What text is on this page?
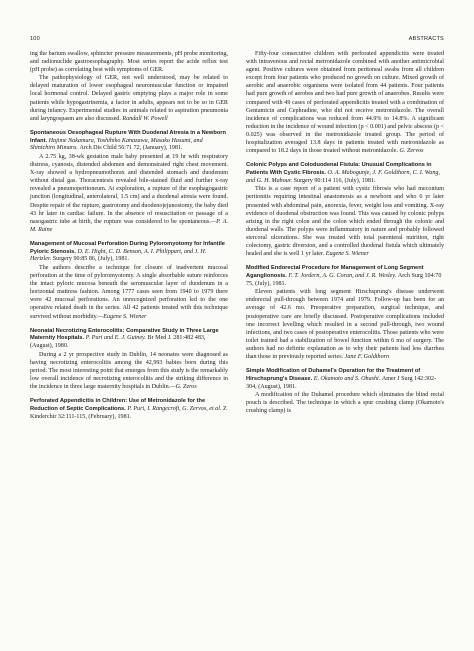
100	ABSTRACTS

ing the barium swallow, sphincter pressure measurements, pH probe monitoring, and radionuclide gastroesophagraphy. Most series report the acide reflux test (pH probe) as correlating best with symptoms of GER.

The pathophysiology of GER, not well understood, may be related to delayed maturation of lower esophageal neuromuscular function or impaired local hormonal control. Delayed gastric emptying plays a major role in some patients while hypogastrinemia, a factor in adults, appears not to be so in GER during infancy. Experimental studies in animals related to aspiration pneumonia and laryngospasm are also discussed. Randall W. Powell

Spontaneous Oesophageal Rupture With Duodenal Atresia in a Newborn Infant. Hajime Nakamura, Yoshihiko Kanazawa, Masako Hasumi, and Shinichiro Mimaru. Arch Dis Child 56:71 72, (January), 1981.

A 2.75 kg, 38-wk gestation male baby presented at 19 hr with respiratory distress, cyanosis, distended abdomen and demonstrated right chest movement. X-ray showed a hydropneumothorax and distended stomach and duodenum without distal gas. Thoracentesis revealed bile-stained fluid and further x-ray revealed a pneumoperitoneum. At exploration, a rupture of the esophagogastric junction (longitudinal, anterolateral, 1.5 cm) and a duodenal atresia were found. Despite repair of the rupture, gastrotomy and duodenojejunostomy, the baby died 43 hr later in cardiac failure. In the absence of resuscitation or passage of a nasogastric tube at birth, the rupture was considered to be spontaneous.—P. A. M. Raine

Management of Mucosal Perforation During Pyloromyotomy for Infantile Pyloric Stenosis. D. E. Hight, C. D. Benson, A. I. Philippart, and J. H. Hertzler. Surgery 90:85 86, (July), 1981.

The authors describe a technique for closure of inadvertent mucosal perforation at the time of pyloromyotomy. A single absorbable suture reinforces the intact pyloric mucosa beneath the seromuscular layer of duodenum in a horizontal mattress fashion. Among 1777 cases seen from 1940 to 1979 there were 42 mucosal perforations. An unrecognized perforation led to the one operative related death in the series. All 42 patients treated with this technique survived without morbidity.—Eugene S. Wiener

Neonatal Necrotizing Enterocolitis: Comparative Study in Three Large Maternity Hospitals. P. Puri and E. J. Guiney. Br Med J. 281:482 483, (August), 1980.

During a 2 yr prospective study in Dublin, 14 neonates were diagnosed as having necrotizing enterocolitis among the 42,993 babies born during this period. The most interesting point that emerges from this study is the remarkably low overall incidence of necrotizing enterocolitis and the striking difference in the incidence in three large maternity hospitals in Dublin.—G. Zeros

Perforated Appendicitis in Children: Use of Metronidazole for the Reduction of Septic Complications. P. Puri, I. Rangecroft, G. Zervos, et al. Z Kinderchir 32:111-115, (February), 1981.

Fifty-four consecutive children with perforated appendicitis were treated with intravenous and rectal metronidazole combined with another antimicrobial agent. Positive cultures were obtained from peritoneal swabs from all children except from four patients who produced no growth on culture. Mixed growth of aerobic and anaerobic organisms were isolated from 44 patients. Four patients had pure growth of aerobes and two had pure growth of anaerobes. Results were compared with 49 cases of perforated appendicitis treated with a combination of Gentamicin and Cephradine, who did not receive metronidazole. The overall incidence of complications was reduced from 44.9% to 14.8%. A significant reduction in the incidence of wound infection (p < 0.001) and pelvic abscess (p < 0.025) was observed in the metronidazole treated group. The period of hospitalization averaged 13.8 days in patients treated with metronidazole as compared to 18.2 days in those treated without metronidazole. G. Zervos

Colonic Polyps and Coloduodenal Fistula: Unusual Complications in Patients With Cystic Fibrosis. O. A. Mabogunje, J. F. Goldthorn, C. I. Wang, and G. H. Mahour. Surgery 90:114 116, (July), 1981.

This is a case report of a patient with cystic fibrosis who had meconium peritonitis requiring intestinal anastomosis as a newborn and who 6 yr later presented with abdominal pain, anorexia, fever, weight loss and vomiting. X-ray evidence of duodenal obstruction was found. This was caused by colonic polyps arising in the right colon and the colon which ended through the colonic and duodenal walls. The polyps were inflammatory in nature and probably followed stercoral ulcerations. She was treated with total parenteral nutrition, right colectomy, gastric diversion, and a controlled duodenal fistula which ultimately healed and she is well 1 yr later. Eugene S. Wiener

Modified Endorectal Procedure for Management of Long Segment Aganglionosis. F. T. Jordern, A. G. Coran, and J. R. Wesley. Arch Surg 104:70 75, (July), 1981.

Eleven patients with long segment Hirschsprung's disease underwent endorectal pull-through between 1974 and 1979. Follow-up has been for an average of 42.6 mo. Preoperative preparation, surgical technique, and postoperative care are briefly discussed. Postoperative complications included one incorrect levelling which resulted in a second pull-through, two wound infections, and two cases of postoperative enterocolitis. Those patients who were toilet trained had a stabilization of bowel function within 6 mo of surgery. The authors had no definite explanation as to why their patients had less diarrhea than those in previously reported series. Jane F. Goldthorn

Simple Modification of Duhamel's Operation for the Treatment of Hirschsprung's Disease. E. Okamoto and S. Ohashi. Amer J Surg 142:302-304, (August), 1981.

A modification of the Duhamel procedure which eliminates the blind rectal pouch is described. The technique in which a spur crushing clamp (Okamoto's crushing clamp) is
